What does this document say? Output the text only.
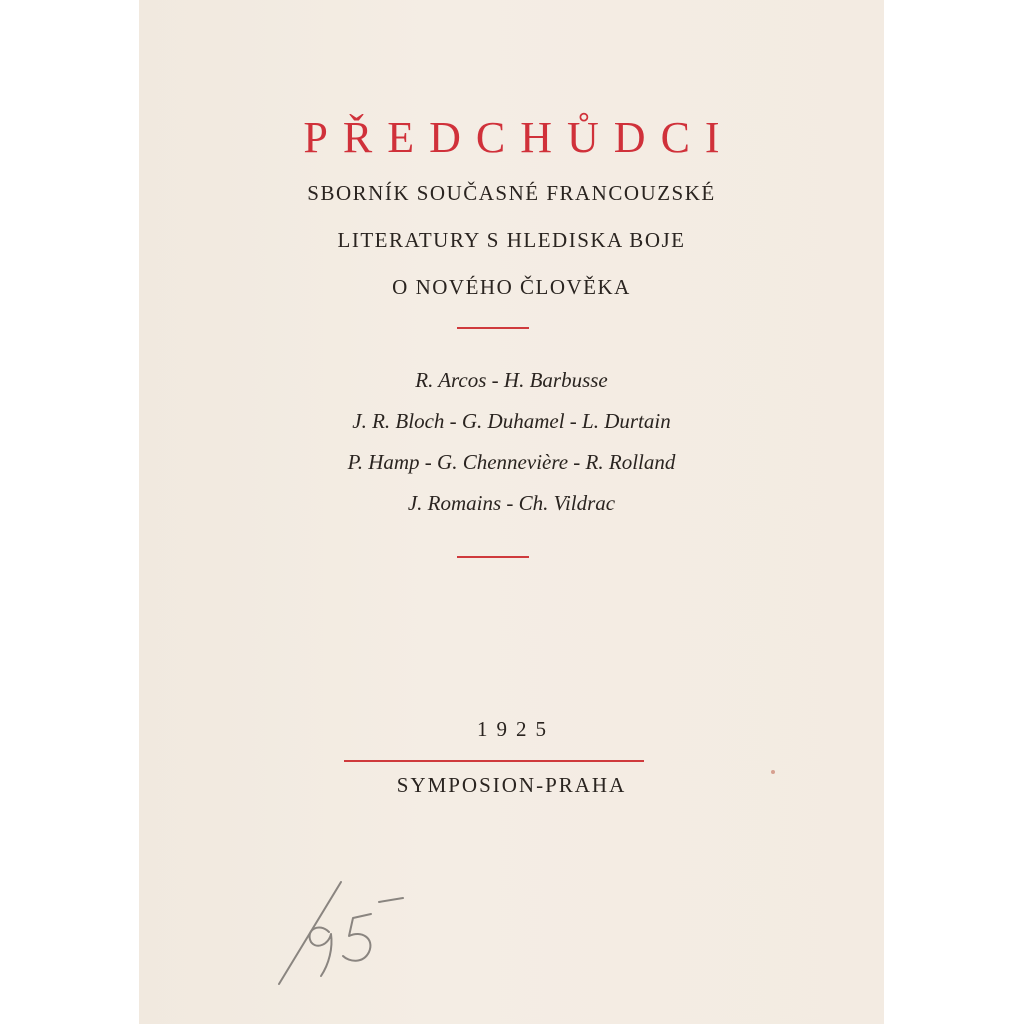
PŘEDCHŮDCI
SBORNÍK SOUČASNÉ FRANCOUZSKÉ
LITERATURY S HLEDISKA BOJE
O NOVÉHO ČLOVĚKA
R. Arcos - H. Barbusse
J. R. Bloch - G. Duhamel - L. Durtain
P. Hamp - G. Chennevière - R. Rolland
J. Romains - Ch. Vildrac
1925
SYMPOSION-PRAHA
